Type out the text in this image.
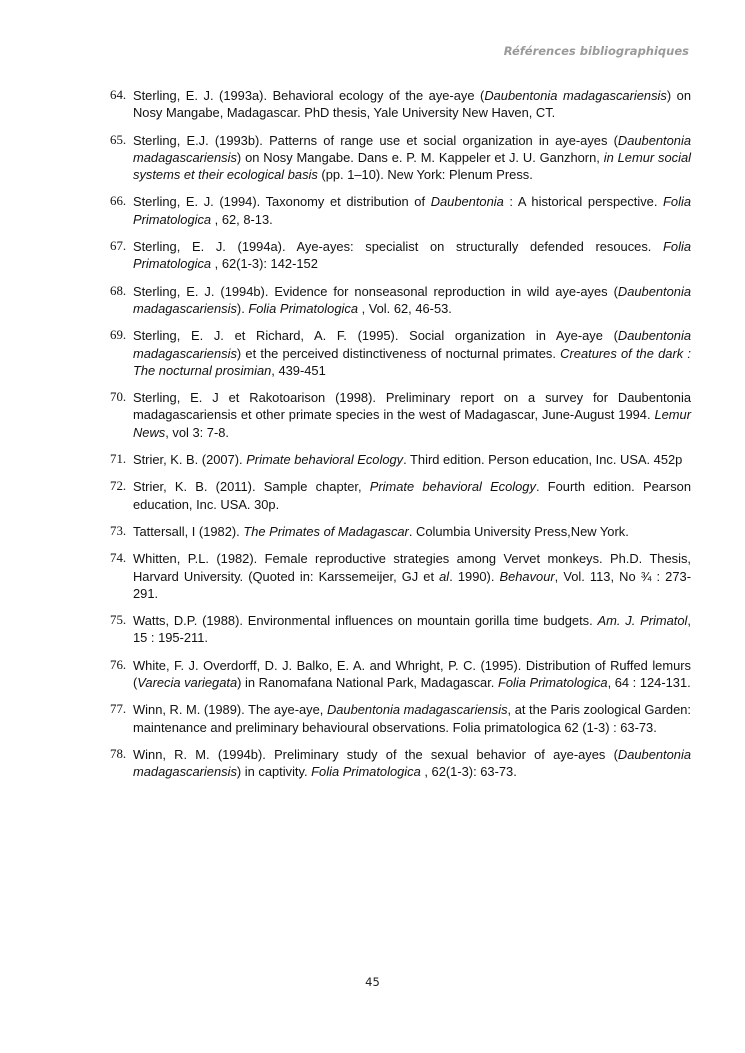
Références bibliographiques
64. Sterling, E. J. (1993a). Behavioral ecology of the aye-aye (Daubentonia madagascariensis) on Nosy Mangabe, Madagascar. PhD thesis, Yale University New Haven, CT.
65. Sterling, E.J. (1993b). Patterns of range use et social organization in aye-ayes (Daubentonia madagascariensis) on Nosy Mangabe. Dans e. P. M. Kappeler et J. U. Ganzhorn, in Lemur social systems et their ecological basis (pp. 1–10). New York: Plenum Press.
66. Sterling, E. J. (1994). Taxonomy et distribution of Daubentonia : A historical perspective. Folia Primatologica , 62, 8-13.
67. Sterling, E. J. (1994a). Aye-ayes: specialist on structurally defended resouces. Folia Primatologica , 62(1-3): 142-152
68. Sterling, E. J. (1994b). Evidence for nonseasonal reproduction in wild aye-ayes (Daubentonia madagascariensis). Folia Primatologica , Vol. 62, 46-53.
69. Sterling, E. J. et Richard, A. F. (1995). Social organization in Aye-aye (Daubentonia madagascariensis) et the perceived distinctiveness of nocturnal primates. Creatures of the dark : The nocturnal prosimian, 439-451
70. Sterling, E. J et Rakotoarison (1998). Preliminary report on a survey for Daubentonia madagascariensis et other primate species in the west of Madagascar, June-August 1994. Lemur News, vol 3: 7-8.
71. Strier, K. B. (2007). Primate behavioral Ecology. Third edition. Person education, Inc. USA. 452p
72. Strier, K. B. (2011). Sample chapter, Primate behavioral Ecology. Fourth edition. Pearson education, Inc. USA. 30p.
73. Tattersall, I (1982). The Primates of Madagascar. Columbia University Press,New York.
74. Whitten, P.L. (1982). Female reproductive strategies among Vervet monkeys. Ph.D. Thesis, Harvard University. (Quoted in: Karssemeijer, GJ et al. 1990). Behavour, Vol. 113, No ¾ : 273-291.
75. Watts, D.P. (1988). Environmental influences on mountain gorilla time budgets. Am. J. Primatol, 15 : 195-211.
76. White, F. J. Overdorff, D. J. Balko, E. A. and Whright, P. C. (1995). Distribution of Ruffed lemurs (Varecia variegata) in Ranomafana National Park, Madagascar. Folia Primatologica, 64 : 124-131.
77. Winn, R. M. (1989). The aye-aye, Daubentonia madagascariensis, at the Paris zoological Garden: maintenance and preliminary behavioural observations. Folia primatologica 62 (1-3) : 63-73.
78. Winn, R. M. (1994b). Preliminary study of the sexual behavior of aye-ayes (Daubentonia madagascariensis) in captivity. Folia Primatologica , 62(1-3): 63-73.
45
